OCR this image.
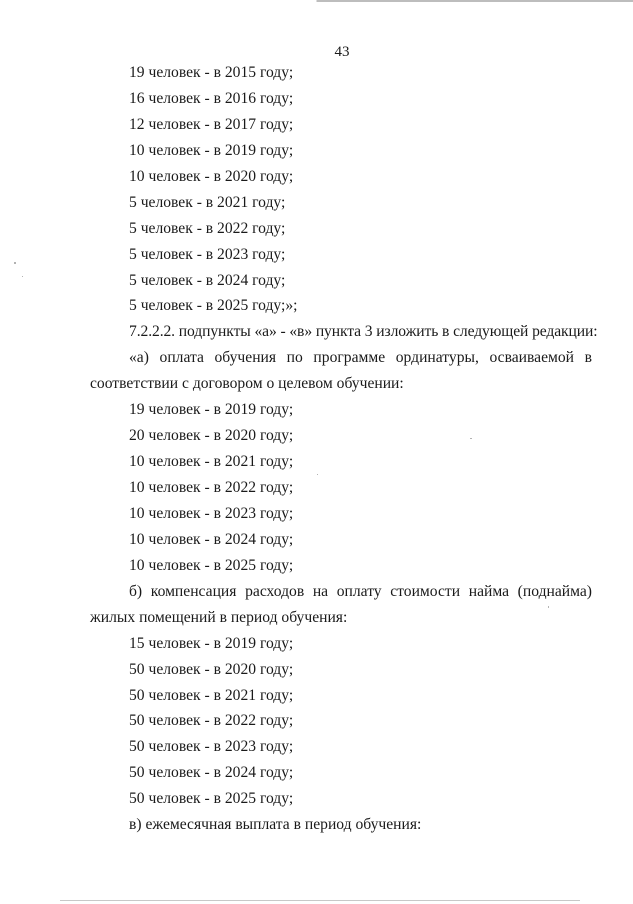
43

19 человек - в 2015 году;

16 человек - в 2016 году;

12 человек - в 2017 году;

10 человек - в 2019 году;

10 человек - в 2020 году;

5 человек - в 2021 году;

5 человек - в 2022 году;

5 человек - в 2023 году;

5 человек - в 2024 году;

5 человек - в 2025 году;»;

7.2.2.2. подпункты «а» - «в» пункта 3 изложить в следующей редакции:

«а) оплата обучения по программе ординатуры, осваиваемой в соответствии с договором о целевом обучении:

19 человек - в 2019 году;

20 человек - в 2020 году;

10 человек - в 2021 году;

10 человек - в 2022 году;

10 человек - в 2023 году;

10 человек - в 2024 году;

10 человек - в 2025 году;

б) компенсация расходов на оплату стоимости найма (поднайма) жилых помещений в период обучения:

15 человек - в 2019 году;

50 человек - в 2020 году;

50 человек - в 2021 году;

50 человек - в 2022 году;

50 человек - в 2023 году;

50 человек - в 2024 году;

50 человек - в 2025 году;

в) ежемесячная выплата в период обучения:
